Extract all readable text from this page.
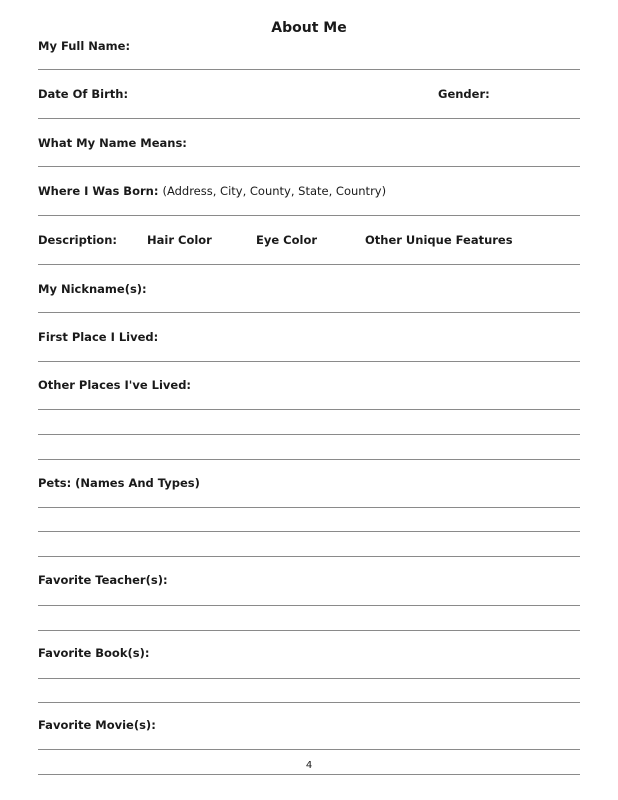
About Me
My Full Name:
Date Of Birth:	Gender:
What My Name Means:
Where I Was Born: (Address, City, County, State, Country)
Description:	Hair Color	Eye Color	Other Unique Features
My Nickname(s):
First Place I Lived:
Other Places I've Lived:
Pets: (Names And Types)
Favorite Teacher(s):
Favorite Book(s):
Favorite Movie(s):
4
